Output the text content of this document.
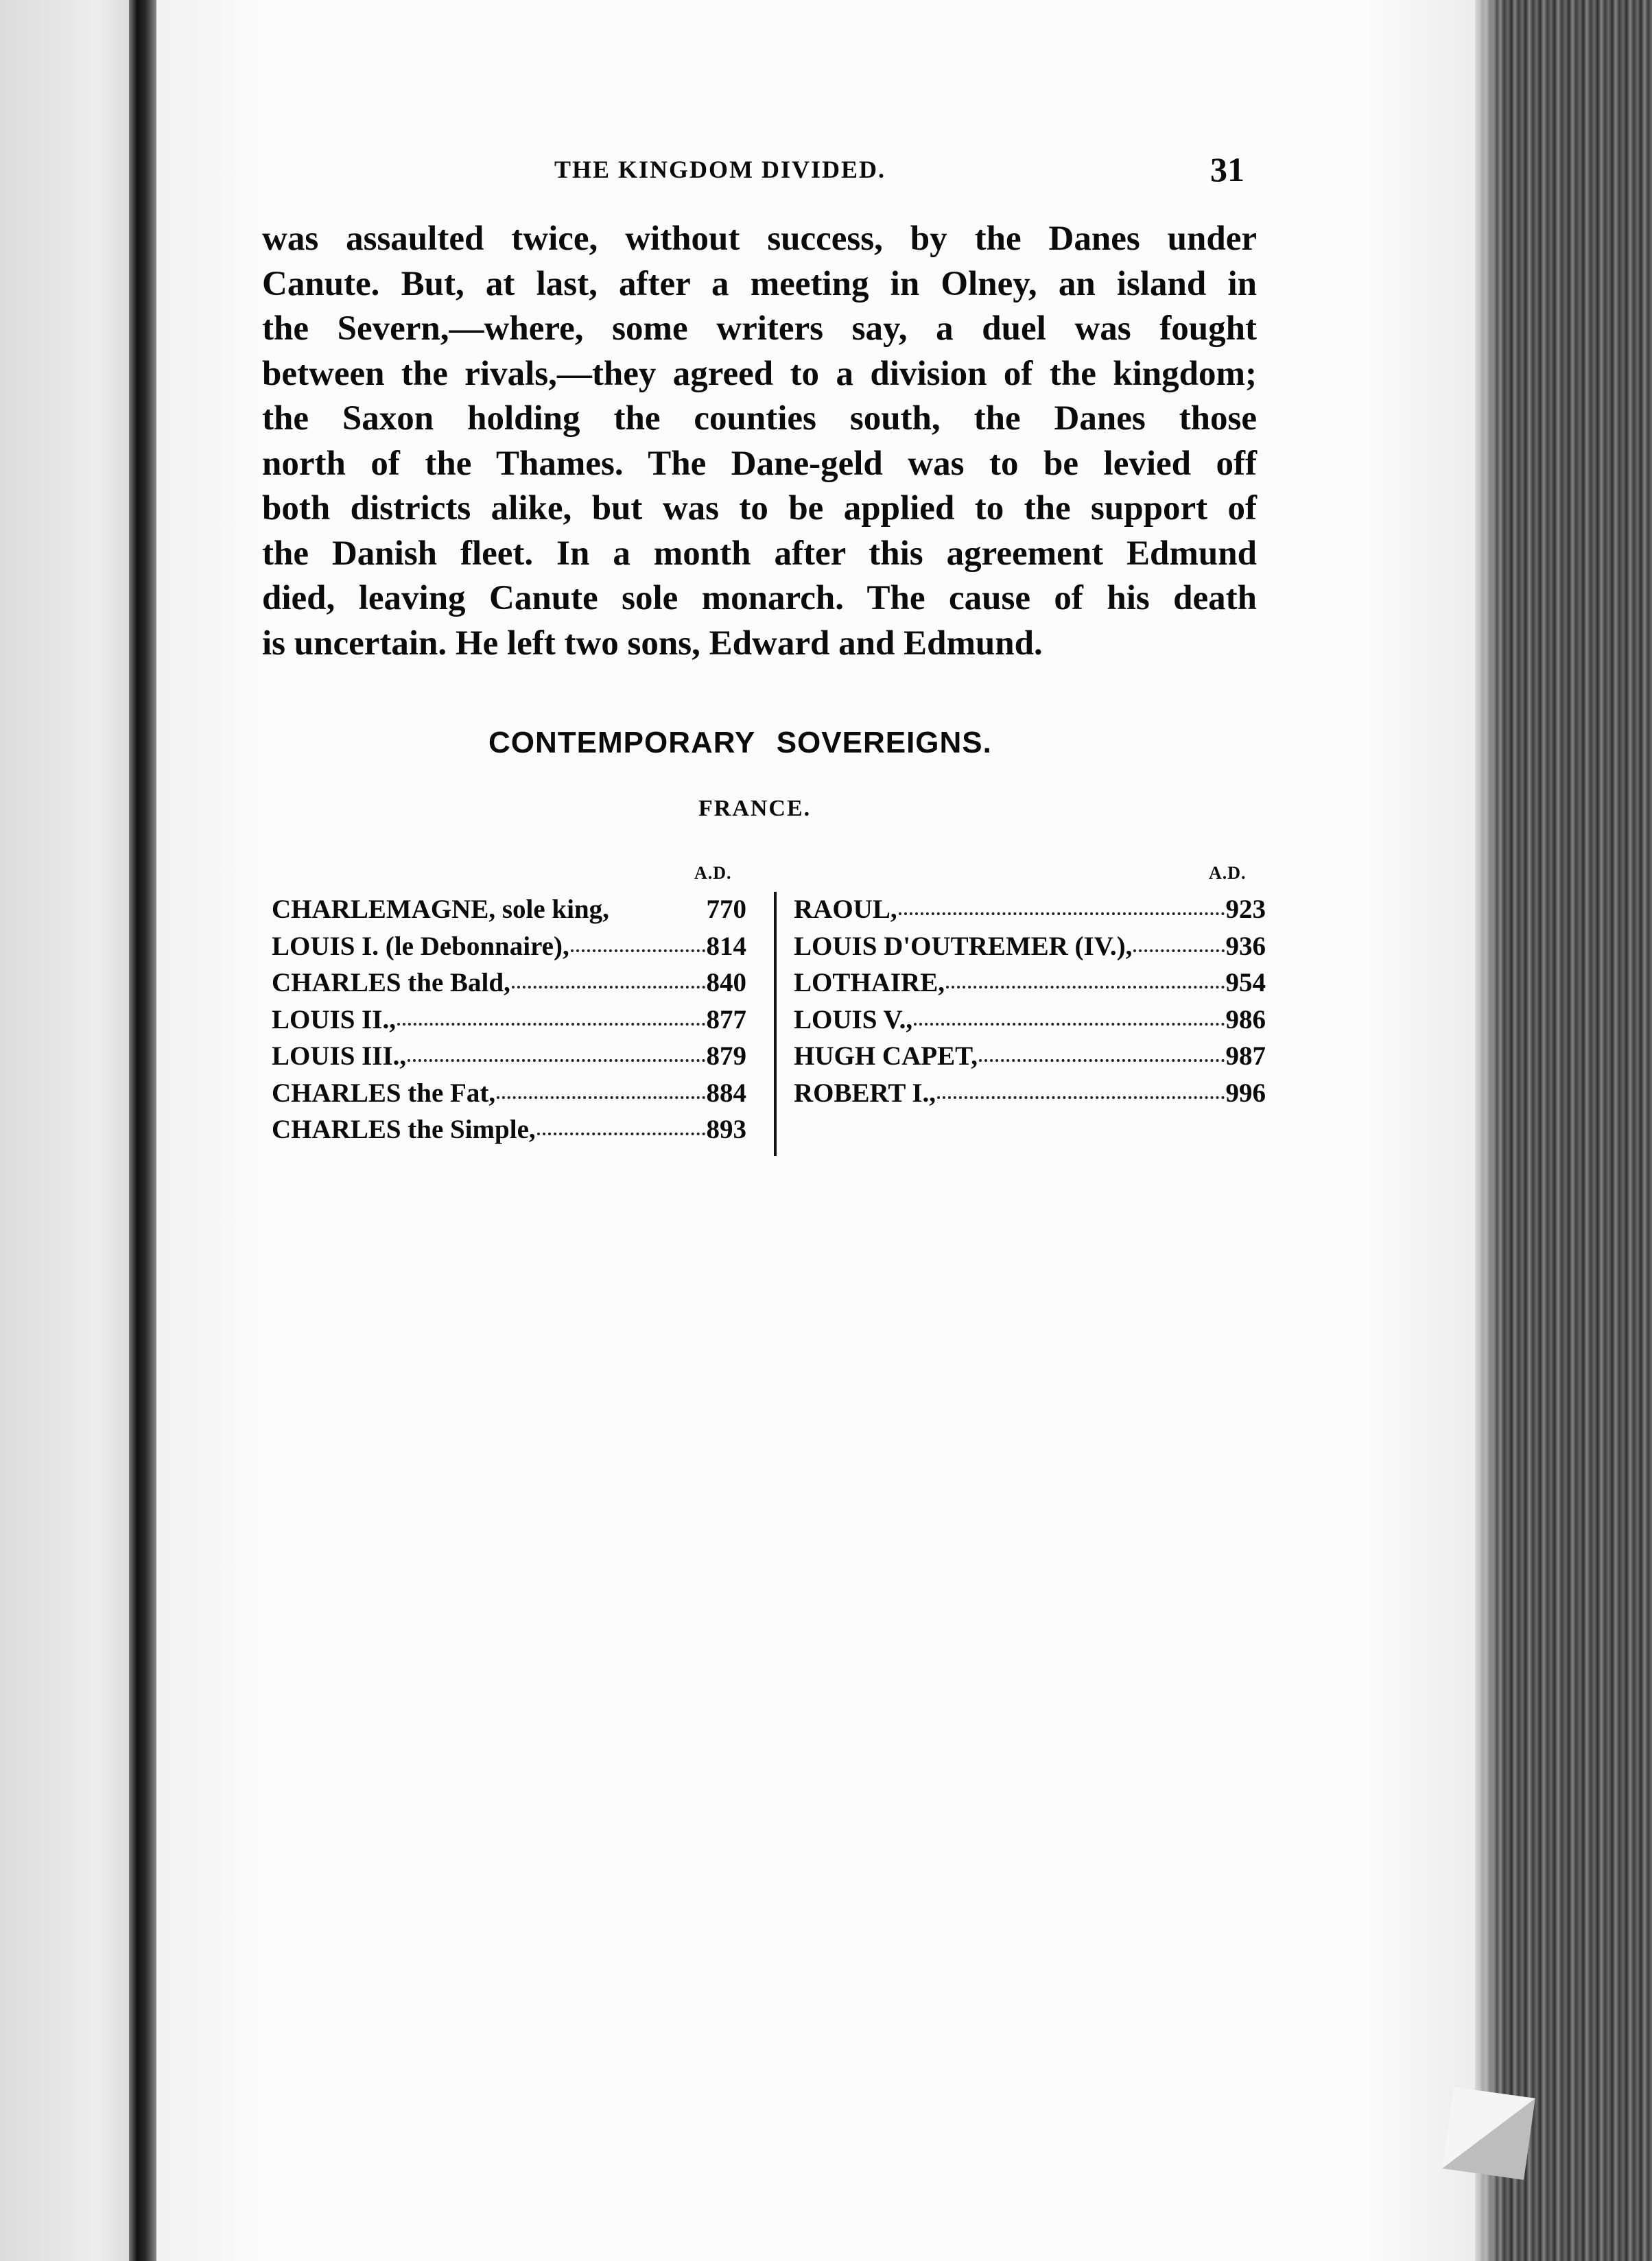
THE KINGDOM DIVIDED.	31
was assaulted twice, without success, by the Danes under
Canute. But, at last, after a meeting in Olney, an island in
the Severn,—where, some writers say, a duel was fought
between the rivals,—they agreed to a division of the kingdom;
the Saxon holding the counties south, the Danes those
north of the Thames. The Dane-geld was to be levied off
both districts alike, but was to be applied to the support of
the Danish fleet. In a month after this agreement Edmund
died, leaving Canute sole monarch. The cause of his death
is uncertain. He left two sons, Edward and Edmund.
CONTEMPORARY SOVEREIGNS.
FRANCE.
A.D.	A.D.
CHARLEMAGNE, sole king,	770
LOUIS I. (le Debonnaire),	814
CHARLES the Bald,	840
LOUIS II.,	877
LOUIS III.,	879
CHARLES the Fat,	884
CHARLES the Simple,	893
RAOUL,	923
LOUIS D'OUTREMER (IV.),	936
LOTHAIRE,	954
LOUIS V.,	986
HUGH CAPET,	987
ROBERT I.,	996
